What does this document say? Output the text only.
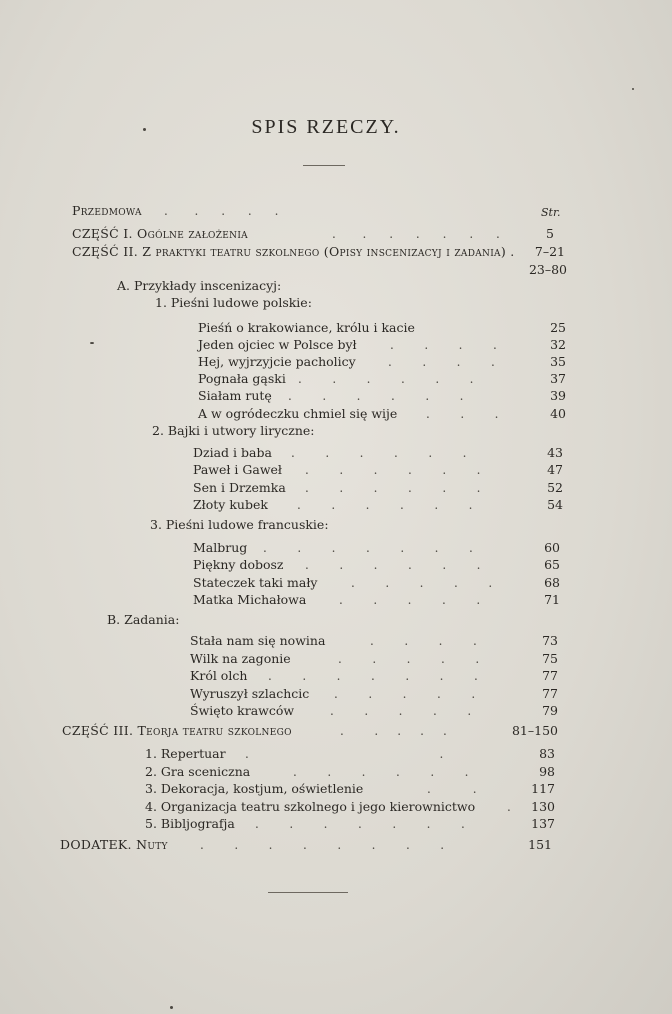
SPIS RZECZY.
Str.
Przedmowa .       .      .      .      .
CZĘŚĆ I. Ogólne założenia	.       .      .      .      .      .      .	5
CZĘŚĆ II. Z praktyki teatru szkolnego (Opisy inscenizacyj i zadania) . 7–21
23–80
A. Przykłady inscenizacyj:
1. Pieśni ludowe polskie:
Pieśń o krakowiance, królu i kacie	25
Jeden ojciec w Polsce był	.        .        .        .	32
Hej, wyjrzyjcie pacholicy	.        .        .        .	35
Pognała gąski .        .        .        .        .        .	37
Siałam rutę .        .        .        .        .        .	39
A w ogródeczku chmiel się wije .        .        .	40
2. Bajki i utwory liryczne:
Dziad i baba .        .        .        .        .        .	43
Paweł i Gaweł .        .        .        .        .        .	47
Sen i Drzemka .        .        .        .        .        .	52
Złoty kubek .        .        .        .        .        .	54
3. Pieśni ludowe francuskie:
Malbrug .        .        .        .        .        .        .	60
Piękny dobosz .        .        .        .        .        .	65
Stateczek taki mały	.        .        .        .        .	68
Matka Michałowa	.        .        .        .        .	71
B. Zadania:
Stała nam się nowina	.        .        .        .	73
Wilk na zagonie	.        .        .        .        .	75
Król olch .        .        .        .        .        .        .	77
Wyruszył szlachcic .        .        .        .        .	77
Święto krawców	.        .        .        .        .	79
CZĘŚĆ III. Teorja teatru szkolnego	.        .     .     .     .	81–150
1. Repertuar .                                                  .	83
2. Gra sceniczna	.        .        .        .        .        .	98
3. Dekoracja, kostjum, oświetlenie	.           .	117
4. Organizacja teatru szkolnego i jego kierownictwo	.	130
5. Bibljografja .        .        .        .        .        .        .	137
DODATEK. Nuty	.        .        .        .        .        .        .        .	151
